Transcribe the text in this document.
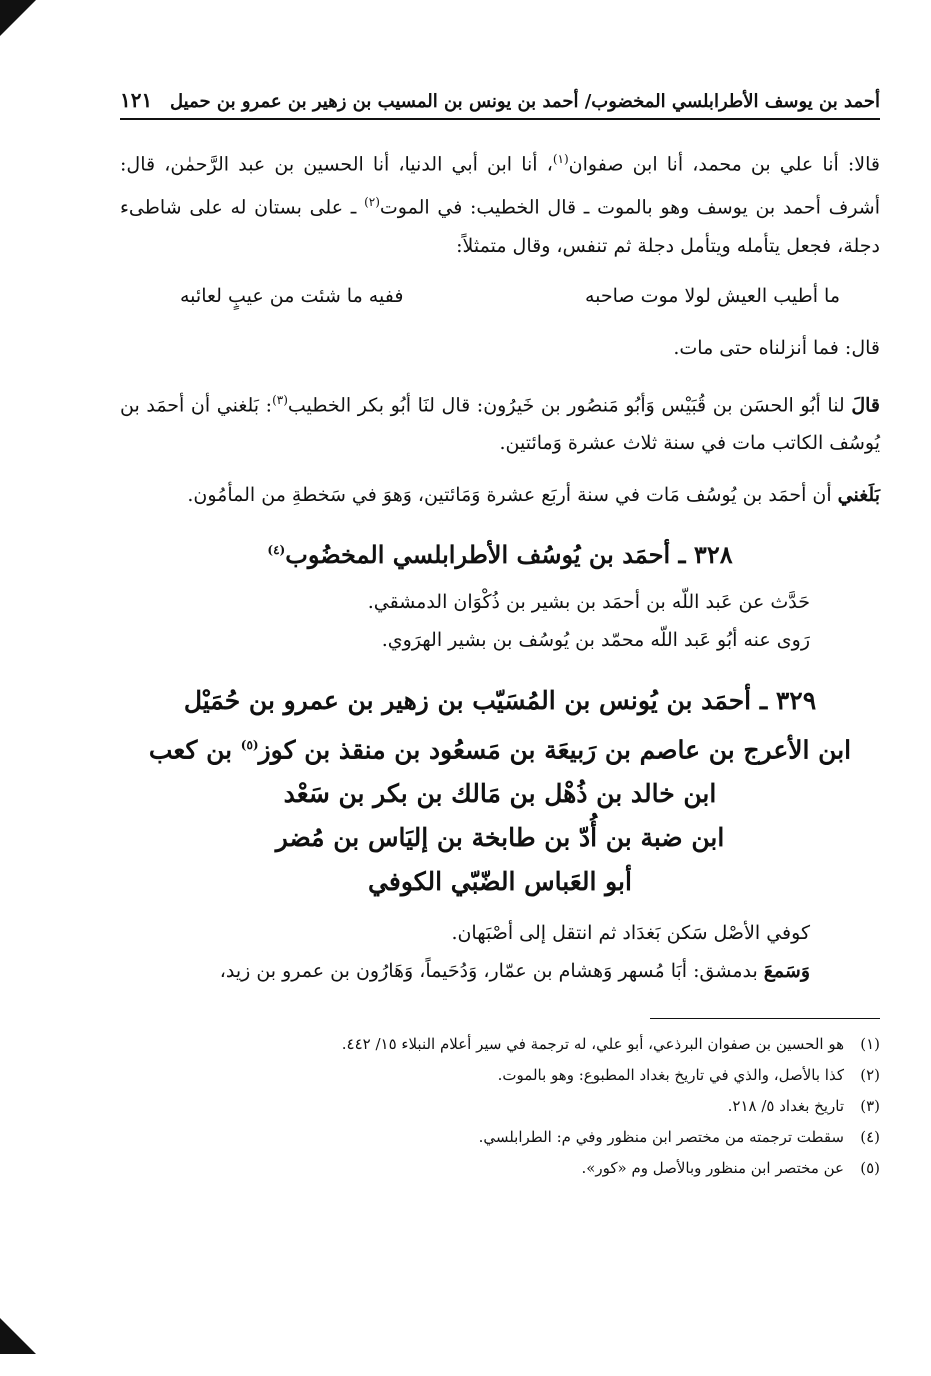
أحمد بن يوسف الأطرابلسي المخضوب/ أحمد بن يونس بن المسيب بن زهير بن عمرو بن حميل
١٢١

قالا: أنا علي بن محمد، أنا ابن صفوان$^{(١)}$، أنا ابن أبي الدنيا، أنا الحسين بن عبد الرَّحمٰن، قال: أشرف أحمد بن يوسف وهو بالموت ـ قال الخطيب: في الموت$^{(٢)}$ ـ على بستان له على شاطىء دجلة، فجعل يتأمله ويتأمل دجلة ثم تنفس، وقال متمثلاً:

ما أطيب العيش لولا موت صاحبه
ففيه ما شئت من عيبٍ لعائبه

قال: فما أنزلناه حتى مات.

قالَ لنا أبُو الحسَن بن قُبَيْس وَأبُو مَنصُور بن خَيرُون: قال لنَا أبُو بكر الخطيب$^{(٣)}$: بَلغني أن أحمَد بن يُوسُف الكاتب مات في سنة ثلاث عشرة وَمائتين.

بَلَغني أن أحمَد بن يُوسُف مَات في سنة أربَع عشرة وَمَائتين، وَهوَ في سَخطةِ من المأمُون.

٣٢٨ ـ أحمَد بن يُوسُف الأطرابلسي المخضُوب$^{(٤)}$

حَدَّث عن عَبد اللّه بن أحمَد بن بشير بن ذُكْوَان الدمشقي.

رَوى عنه أبُو عَبد اللّه محمّد بن يُوسُف بن بشير الهرَوي.

٣٢٩ ـ أحمَد بن يُونس بن المُسَيّب بن زهير بن عمرو بن حُمَيْل
ابن الأعرج بن عاصم بن رَبيعَة بن مَسعُود بن منقذ بن كوز$^{(٥)}$ بن كعب
ابن خالد بن ذُهْل بن مَالك بن بكر بن سَعْد
ابن ضبة بن أُدّ بن طابخة بن إليَاس بن مُضر
أبو العَباس الضّبّي الكوفي

كوفي الأصْل سَكن بَغدَاد ثم انتقل إلى أصْبَهان.

وَسَمعَ بدمشق: أبَا مُسهر وَهشام بن عمّار، وَدُحَيماً، وَهَارُون بن عمرو بن زيد،

(١)هو الحسين بن صفوان البرذعي، أبو علي، له ترجمة في سير أعلام النبلاء ١٥/ ٤٤٢.
(٢)كذا بالأصل، والذي في تاريخ بغداد المطبوع: وهو بالموت.
(٣)تاريخ بغداد ٥/ ٢١٨.
(٤)سقطت ترجمته من مختصر ابن منظور وفي م: الطرابلسي.
(٥)عن مختصر ابن منظور وبالأصل وم «كور».
